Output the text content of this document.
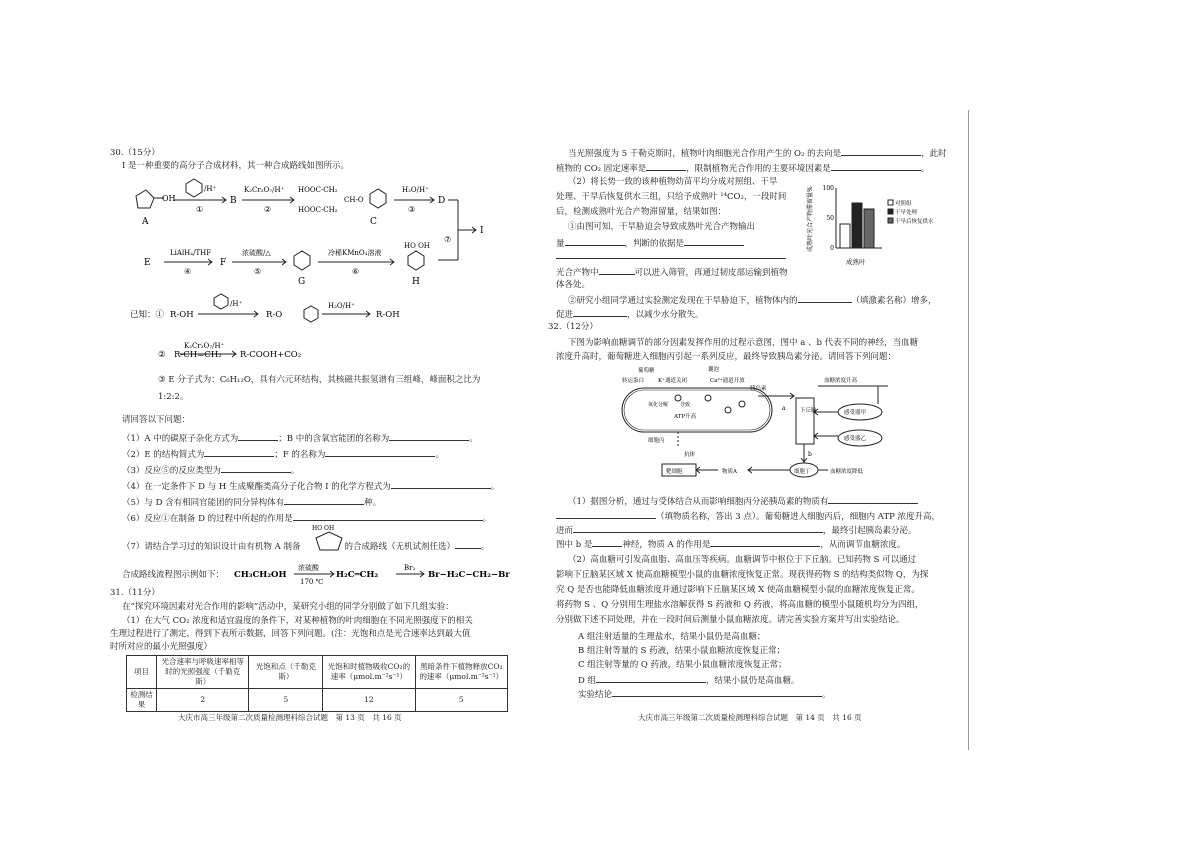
30.（15分）
I 是一种重要的高分子合成材料，其一种合成路线如图所示。
OH
A
/H⁺
①
B
K₂Cr₂O₇/H⁺
②
HOOC-CH₂
HOOC-CH₂
CH-O
C
H₂O/H⁺
③
D
⑦
I
E
LiAlH₄/THF
④
F
浓硫酸/△
⑤
G
冷稀KMnO₄溶液
⑥
HO OH
H
已知：① R-OH
/H⁺
R-O
H₂O/H⁺
R-OH
② R-CH=CH₂
K₂Cr₂O₇/H⁺
R-COOH+CO₂
③ E 分子式为：C₆H₁₂O，具有六元环结构，其核磁共振氢谱有三组峰，峰面积之比为
1:2:2。
请回答以下问题：
（1）A 中的碳原子杂化方式为	；B 中的含氧官能团的名称为	。
（2）E 的结构简式为	；F 的名称为	。
（3）反应⑤的反应类型为	。
（4）在一定条件下 D 与 H 生成聚酯类高分子化合物 I 的化学方程式为	。
（5）与 D 含有相同官能团的同分异构体有	种。
（6）反应①在制备 D 的过程中所起的作用是	。
HO OH
（7）请结合学习过的知识设计由有机物 A 制备	的合成路线（无机试剂任选）	。
合成路线流程图示例如下： CH₃CH₂OH
浓硫酸
170 ℃
H₂C═CH₂
Br₂
Br−H₂C−CH₂−Br
31.（11分）
在“探究环境因素对光合作用的影响”活动中，某研究小组的同学分别做了如下几组实验：
（1）在大气 CO₂ 浓度和适宜温度的条件下，对某种植物的叶肉细胞在不同光照强度下的相关
生理过程进行了测定，得到下表所示数据，回答下列问题。(注：光饱和点是光合速率达到最大值
时所对应的最小光照强度）
项目	光合速率与呼吸速率相等时的光照强度（千勒克斯）	光饱和点（千勒克斯）	光饱和时植物吸收CO₂的速率（μmol.m⁻²s⁻¹）	黑暗条件下植物释放CO₂的速率（μmol.m⁻²s⁻¹）
检测结果	2	5	12	5
大庆市高三年级第二次质量检测理科综合试题　第 13 页　共 16 页
当光照强度为 5 千勒克斯时，植物叶肉细胞光合作用产生的 O₂ 的去向是	，此时
植物的 CO₂ 固定速率是	，限制植物光合作用的主要环境因素是	。
（2）将长势一致的该种植物幼苗平均分成对照组、干旱
处理、干旱后恢复供水三组，只给予成熟叶 ¹⁴CO₂，一段时间
后，检测成熟叶光合产物滞留量，结果如图：
①由图可知，干旱胁迫会导致成熟叶光合产物输出
量	，判断的依据是
光合产物中	可以进入筛管，再通过韧皮部运输到植物
体各处。
②研究小组同学通过实验测定发现在干旱胁迫下，植物体内的	（填激素名称）增多，
促进	，以减少水分散失。
成熟叶光合产物滞留量%	0
50
100
成熟叶
对照组
干旱处理
干旱后恢复供水
32.（12分）
下图为影响血糖调节的部分因素发挥作用的过程示意图，图中 a 、b 代表不同的神经，当血糖
浓度升高时，葡萄糖进入细胞丙引起一系列反应，最终导致胰岛素分泌。请回答下列问题：
葡萄糖	囊泡
转运蛋白	K⁺通道关闭	Ca²⁺通道开放
氧化分解 导致
ATP升高
胰岛素
细胞丙
抗体
a
b
下丘脑	感受器甲
感受器乙
血糖浓度升高
血糖浓度降低
靶细胞	物质A	细胞丁
（1）据图分析，通过与受体结合从而影响细胞丙分泌胰岛素的物质有
（填物质名称，答出 3 点）。葡萄糖进入细胞丙后，细胞内 ATP 浓度升高，
进而	，最终引起胰岛素分泌。
图中 b 是	神经，物质 A 的作用是	，从而调节血糖浓度。
（2）高血糖可引发高血脂、高血压等疾病。血糖调节中枢位于下丘脑。已知药物 S 可以通过
影响下丘脑某区域 X 使高血糖模型小鼠的血糖浓度恢复正常。现获得药物 S 的结构类似物 Q，为探
究 Q 是否也能降低血糖浓度并通过影响下丘脑某区域 X 使高血糖模型小鼠的血糖浓度恢复正常。
将药物 S 、Q 分别用生理盐水溶解获得 S 药液和 Q 药液，将高血糖的模型小鼠随机均分为四组，
分别做下述不同处理，并在一段时间后测量小鼠血糖浓度。请完善实验方案并写出实验结论。
A 组注射适量的生理盐水，结果小鼠仍是高血糖；
B 组注射等量的 S 药液，结果小鼠血糖浓度恢复正常；
C 组注射等量的 Q 药液，结果小鼠血糖浓度恢复正常；
D 组	，结果小鼠仍是高血糖。
实验结论	。
大庆市高三年级第二次质量检测理科综合试题　第 14 页　共 16 页
